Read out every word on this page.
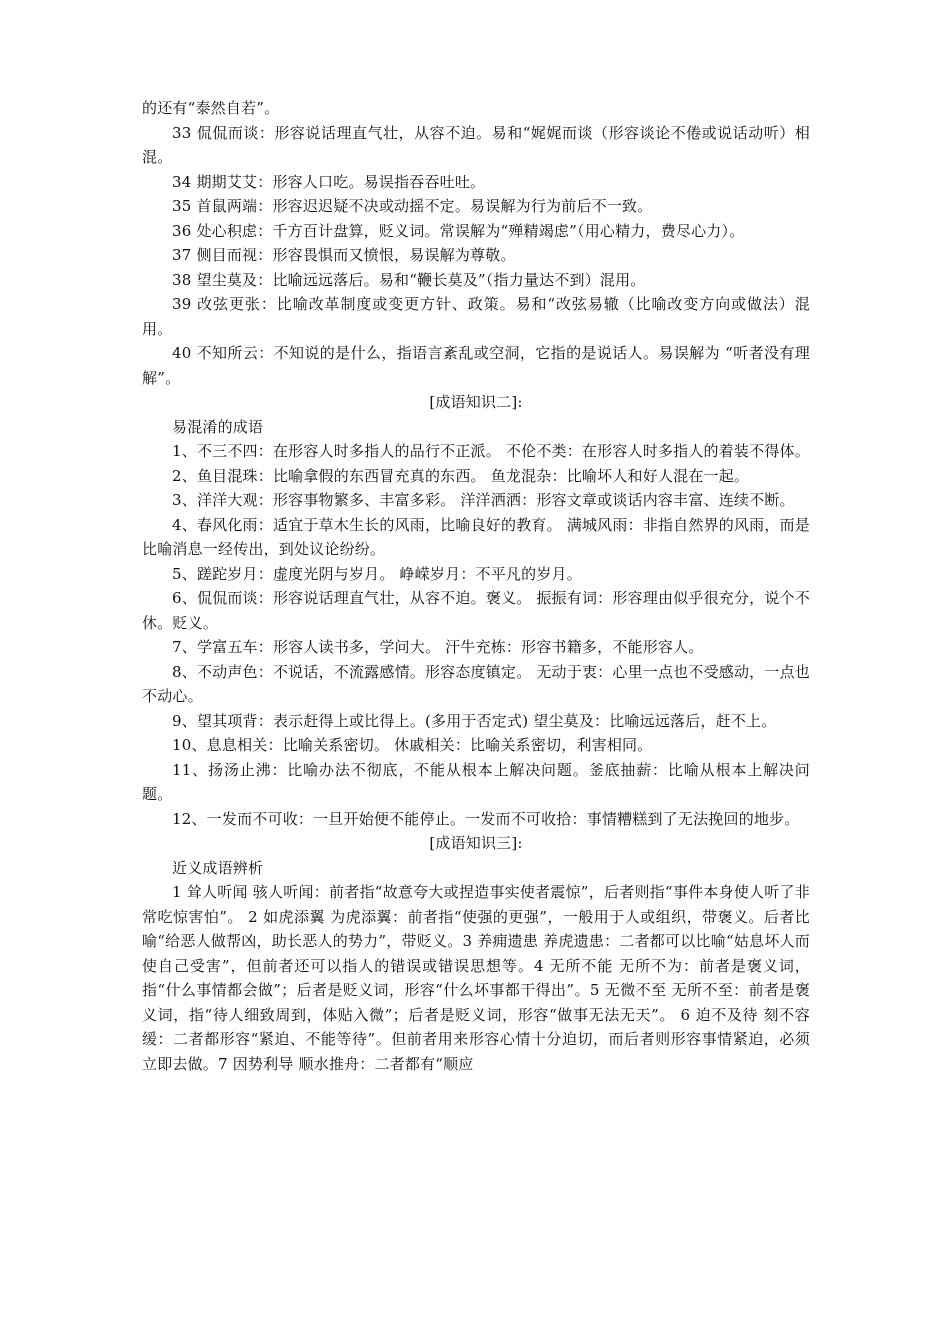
的还有“泰然自若”。

33 侃侃而谈：形容说话理直气壮，从容不迫。易和“娓娓而谈（形容谈论不倦或说话动听）相混。

34 期期艾艾：形容人口吃。易误指吞吞吐吐。

35 首鼠两端：形容迟迟疑不决或动摇不定。易误解为行为前后不一致。

36 处心积虑：千方百计盘算，贬义词。常误解为“殚精竭虑”（用心精力，费尽心力）。

37 侧目而视：形容畏惧而又愤恨，易误解为尊敬。

38 望尘莫及：比喻远远落后。易和“鞭长莫及”（指力量达不到）混用。

39 改弦更张：比喻改革制度或变更方针、政策。易和“改弦易辙（比喻改变方向或做法）混用。

40 不知所云：不知说的是什么，指语言紊乱或空洞，它指的是说话人。易误解为 “听者没有理解”。

[成语知识二]:

易混淆的成语

1、不三不四：在形容人时多指人的品行不正派。 不伦不类：在形容人时多指人的着装不得体。

2、鱼目混珠：比喻拿假的东西冒充真的东西。 鱼龙混杂：比喻坏人和好人混在一起。

3、洋洋大观：形容事物繁多、丰富多彩。 洋洋洒洒：形容文章或谈话内容丰富、连续不断。

4、春风化雨：适宜于草木生长的风雨，比喻良好的教育。 满城风雨：非指自然界的风雨，而是比喻消息一经传出，到处议论纷纷。

5、蹉跎岁月：虚度光阴与岁月。 峥嵘岁月：不平凡的岁月。

6、侃侃而谈：形容说话理直气壮，从容不迫。褒义。 振振有词：形容理由似乎很充分，说个不休。贬义。

7、学富五车：形容人读书多，学问大。 汗牛充栋：形容书籍多，不能形容人。

8、不动声色：不说话，不流露感情。形容态度镇定。 无动于衷：心里一点也不受感动，一点也不动心。

9、望其项背：表示赶得上或比得上。(多用于否定式) 望尘莫及：比喻远远落后，赶不上。

10、息息相关：比喻关系密切。 休戚相关：比喻关系密切，利害相同。

11、扬汤止沸：比喻办法不彻底，不能从根本上解决问题。釜底抽薪：比喻从根本上解决问题。

12、一发而不可收：一旦开始便不能停止。一发而不可收拾：事情糟糕到了无法挽回的地步。

[成语知识三]:

近义成语辨析

1 耸人听闻 骇人听闻：前者指“故意夸大或捏造事实使者震惊”，后者则指“事件本身使人听了非常吃惊害怕”。 2 如虎添翼 为虎添翼：前者指“使强的更强”，一般用于人或组织，带褒义。后者比喻“给恶人做帮凶，助长恶人的势力”，带贬义。3 养痈遗患 养虎遗患：二者都可以比喻“姑息坏人而使自己受害”，但前者还可以指人的错误或错误思想等。4 无所不能 无所不为：前者是褒义词，指“什么事情都会做”；后者是贬义词，形容“什么坏事都干得出”。5 无微不至 无所不至：前者是褒义词，指“待人细致周到，体贴入微”；后者是贬义词，形容“做事无法无天”。 6 迫不及待 刻不容缓：二者都形容“紧迫、不能等待”。但前者用来形容心情十分迫切，而后者则形容事情紧迫，必须立即去做。7 因势利导 顺水推舟：二者都有“顺应
